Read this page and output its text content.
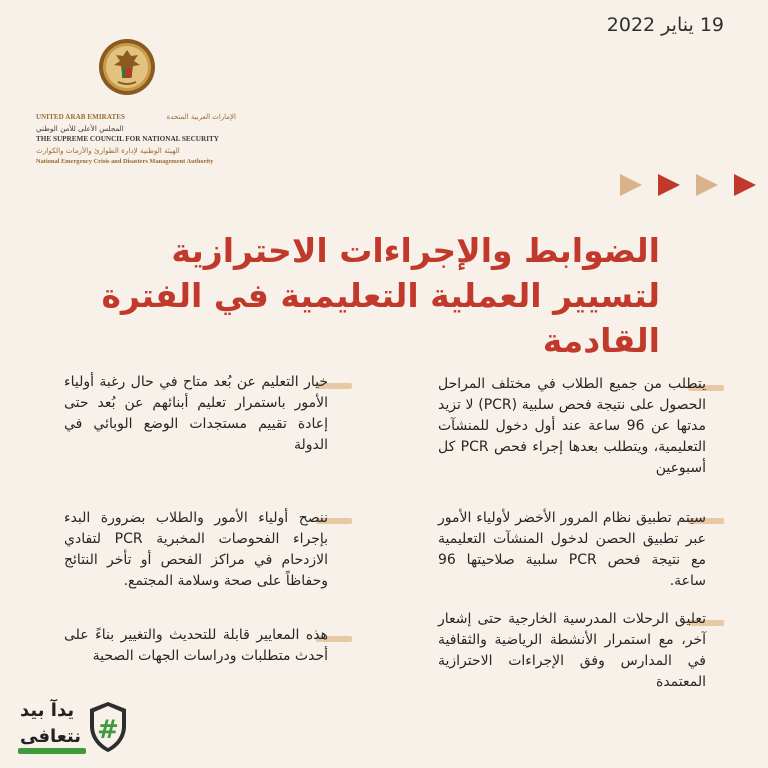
19 يناير 2022
UNITED ARAB EMIRATES	الإمارات العربية المتحدة
المجلس الأعلى للأمن الوطني
THE SUPREME COUNCIL FOR NATIONAL SECURITY
الهيئة الوطنية لإدارة الطوارئ والأزمات والكوارث
National Emergency Crisis and Disasters Management Authority
الضوابط والإجراءات الاحترازية لتسيير العملية التعليمية في الفترة القادمة
يتطلب من جميع الطلاب في مختلف المراحل الحصول على نتيجة فحص سلبية (PCR) لا تزيد مدتها عن 96 ساعة عند أول دخول للمنشآت التعليمية، ويتطلب بعدها إجراء فحص PCR كل أسبوعين
سيتم تطبيق نظام المرور الأخضر لأولياء الأمور عبر تطبيق الحصن لدخول المنشآت التعليمية مع نتيجة فحص PCR سلبية صلاحيتها 96 ساعة.
تعليق الرحلات المدرسية الخارجية حتى إشعار آخر، مع استمرار الأنشطة الرياضية والثقافية في المدارس وفق الإجراءات الاحترازية المعتمدة
خيار التعليم عن بُعد متاح في حال رغبة أولياء الأمور باستمرار تعليم أبنائهم عن بُعد حتى إعادة تقييم مستجدات الوضع الوبائي في الدولة
ننصح أولياء الأمور والطلاب بضرورة البدء بإجراء الفحوصات المخبرية PCR لتفادي الازدحام في مراكز الفحص أو تأخر النتائج وحفاظاً على صحة وسلامة المجتمع.
هذه المعايير قابلة للتحديث والتغيير بناءً على أحدث متطلبات ودراسات الجهات الصحية
يدآ بيد
نتعافى #
